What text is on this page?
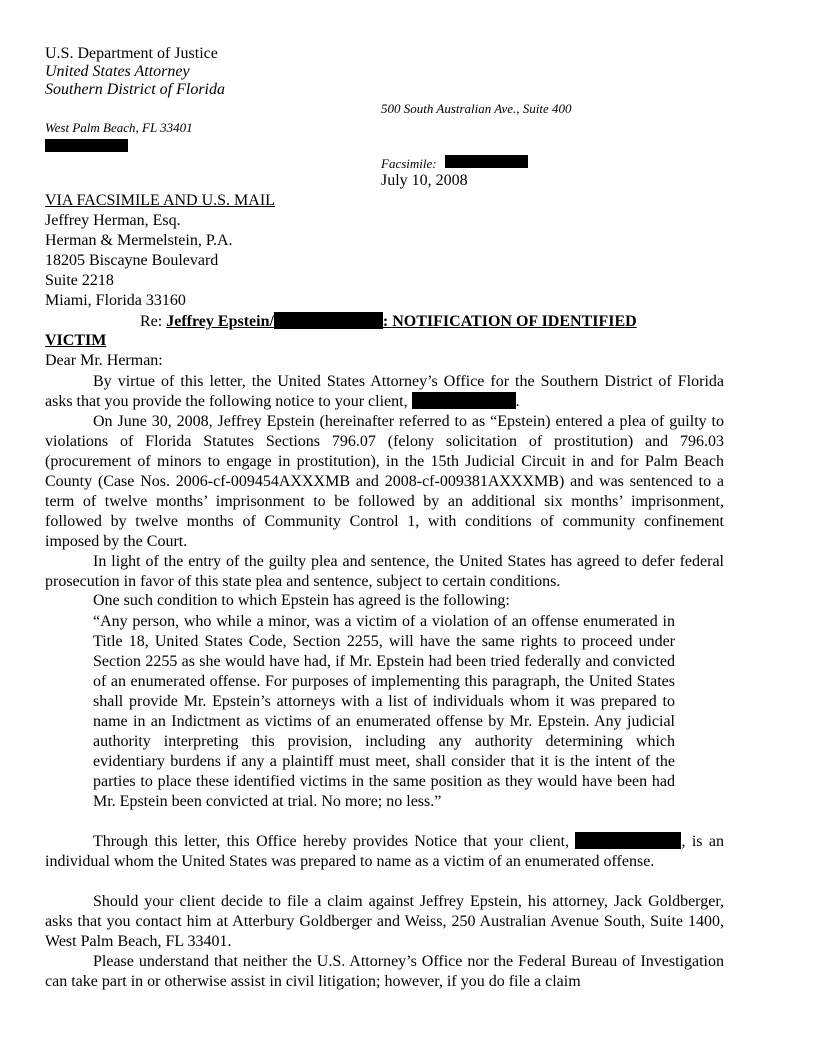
U.S. Department of Justice
United States Attorney
Southern District of Florida
500 South Australian Ave., Suite 400
West Palm Beach, FL 33401
Facsimile:
July 10, 2008
VIA FACSIMILE AND U.S. MAIL
Jeffrey Herman, Esq.
Herman & Mermelstein, P.A.
18205 Biscayne Boulevard
Suite 2218
Miami, Florida 33160
Re: Jeffrey Epstein/	: NOTIFICATION OF IDENTIFIED
VICTIM
Dear Mr. Herman:
By virtue of this letter, the United States Attorney’s Office for the Southern District of Florida asks that you provide the following notice to your client,	.
On June 30, 2008, Jeffrey Epstein (hereinafter referred to as “Epstein) entered a plea of guilty to violations of Florida Statutes Sections 796.07 (felony solicitation of prostitution) and 796.03 (procurement of minors to engage in prostitution), in the 15th Judicial Circuit in and for Palm Beach County (Case Nos. 2006-cf-009454AXXXMB and 2008-cf-009381AXXXMB) and was sentenced to a term of twelve months’ imprisonment to be followed by an additional six months’ imprisonment, followed by twelve months of Community Control 1, with conditions of community confinement imposed by the Court.
In light of the entry of the guilty plea and sentence, the United States has agreed to defer federal prosecution in favor of this state plea and sentence, subject to certain conditions.
One such condition to which Epstein has agreed is the following:
“Any person, who while a minor, was a victim of a violation of an offense enumerated in Title 18, United States Code, Section 2255, will have the same rights to proceed under Section 2255 as she would have had, if Mr. Epstein had been tried federally and convicted of an enumerated offense. For purposes of implementing this paragraph, the United States shall provide Mr. Epstein’s attorneys with a list of individuals whom it was prepared to name in an Indictment as victims of an enumerated offense by Mr. Epstein. Any judicial authority interpreting this provision, including any authority determining which evidentiary burdens if any a plaintiff must meet, shall consider that it is the intent of the parties to place these identified victims in the same position as they would have been had Mr. Epstein been convicted at trial. No more; no less.”
Through this letter, this Office hereby provides Notice that your client,	, is an individual whom the United States was prepared to name as a victim of an enumerated offense.
Should your client decide to file a claim against Jeffrey Epstein, his attorney, Jack Goldberger, asks that you contact him at Atterbury Goldberger and Weiss, 250 Australian Avenue South, Suite 1400, West Palm Beach, FL 33401.
Please understand that neither the U.S. Attorney’s Office nor the Federal Bureau of Investigation can take part in or otherwise assist in civil litigation; however, if you do file a claim
